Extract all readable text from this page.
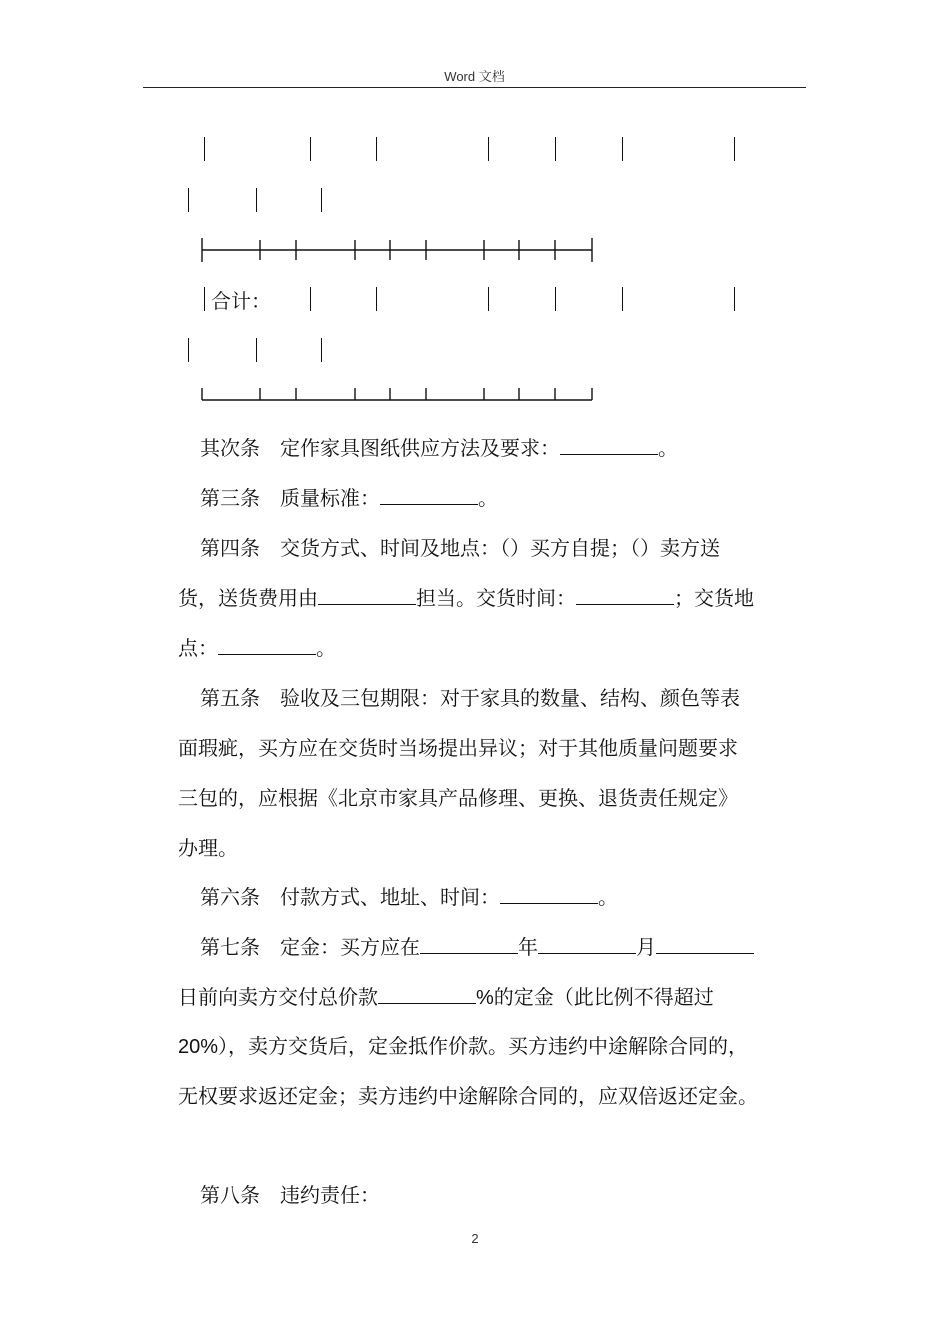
Word 文档
合计：
其次条　 定作家具图纸供应方法及要求：	。
第三条　 质量标准：	。
第四条　 交货方式、时间及地点：（）买方自提；（）卖方送
货，送货费用由	担当。交货时间：	；交货地
点：	。
第五条　 验收及三包期限：对于家具的数量、结构、颜色等表
面瑕疵，买方应在交货时当场提出异议；对于其他质量问题要求
三包的，应根据《北京市家具产品修理、更换、退货责任规定》
办理。
第六条　 付款方式、地址、时间：	。
第七条　 定金：买方应在	年	月
日前向卖方交付总价款	%的定金（此比例不得超过
20%），卖方交货后，定金抵作价款。买方违约中途解除合同的，
无权要求返还定金；卖方违约中途解除合同的，应双倍返还定金。
第八条　 违约责任：
2
